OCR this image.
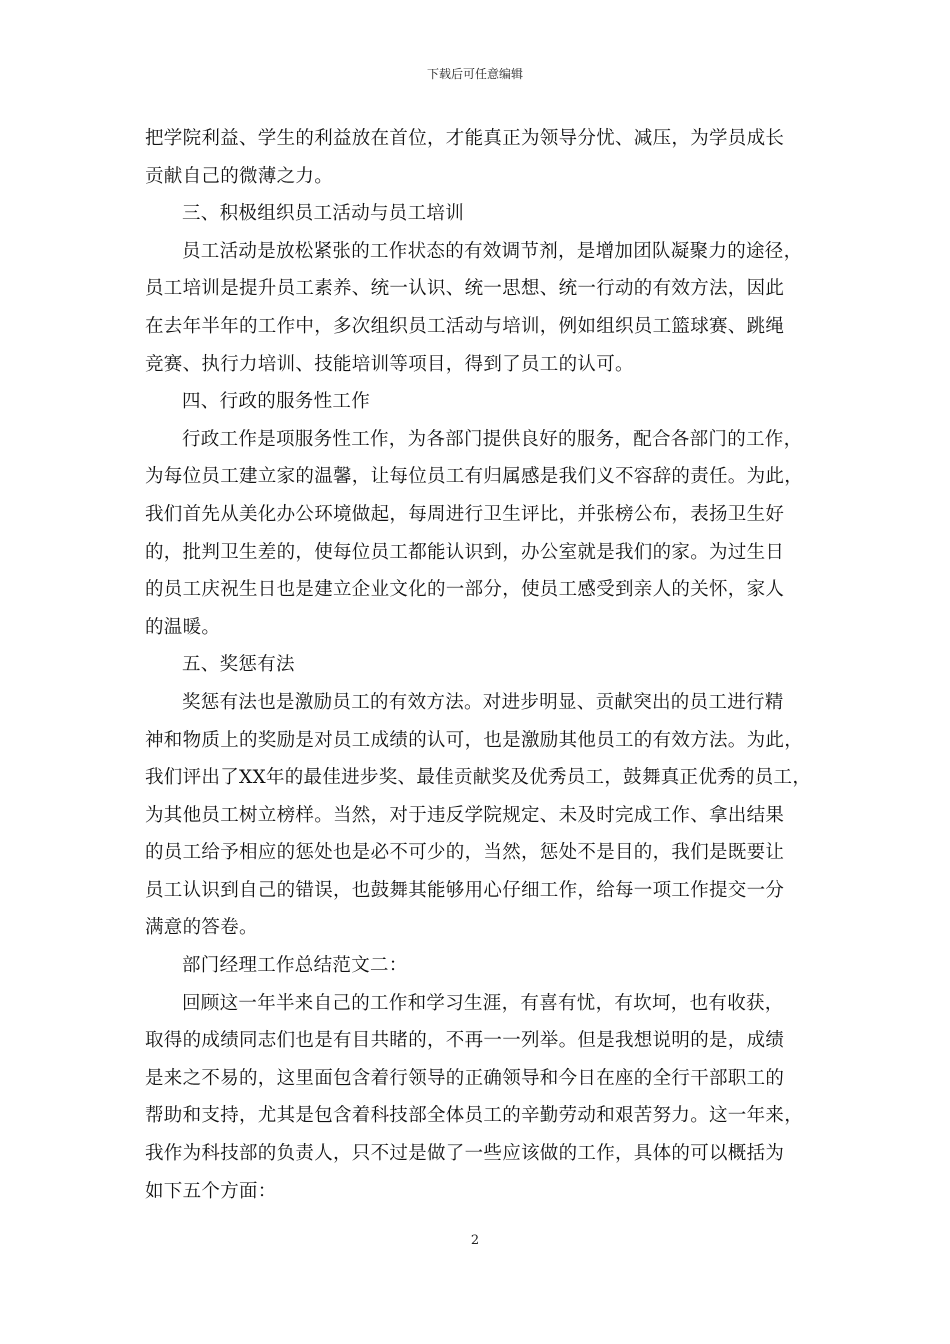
下载后可任意编辑

把学院利益、学生的利益放在首位，才能真正为领导分忧、减压，为学员成长
贡献自己的微薄之力。

三、积极组织员工活动与员工培训

员工活动是放松紧张的工作状态的有效调节剂，是增加团队凝聚力的途径，
员工培训是提升员工素养、统一认识、统一思想、统一行动的有效方法，因此
在去年半年的工作中，多次组织员工活动与培训，例如组织员工篮球赛、跳绳
竞赛、执行力培训、技能培训等项目，得到了员工的认可。

四、行政的服务性工作

行政工作是项服务性工作，为各部门提供良好的服务，配合各部门的工作，
为每位员工建立家的温馨，让每位员工有归属感是我们义不容辞的责任。为此，
我们首先从美化办公环境做起，每周进行卫生评比，并张榜公布，表扬卫生好
的，批判卫生差的，使每位员工都能认识到，办公室就是我们的家。为过生日
的员工庆祝生日也是建立企业文化的一部分，使员工感受到亲人的关怀，家人
的温暖。

五、奖惩有法

奖惩有法也是激励员工的有效方法。对进步明显、贡献突出的员工进行精
神和物质上的奖励是对员工成绩的认可，也是激励其他员工的有效方法。为此，
我们评出了XX年的最佳进步奖、最佳贡献奖及优秀员工，鼓舞真正优秀的员工，
为其他员工树立榜样。当然，对于违反学院规定、未及时完成工作、拿出结果
的员工给予相应的惩处也是必不可少的，当然，惩处不是目的，我们是既要让
员工认识到自己的错误，也鼓舞其能够用心仔细工作，给每一项工作提交一分
满意的答卷。

部门经理工作总结范文二：

回顾这一年半来自己的工作和学习生涯，有喜有忧，有坎坷，也有收获，
取得的成绩同志们也是有目共睹的，不再一一列举。但是我想说明的是，成绩
是来之不易的，这里面包含着行领导的正确领导和今日在座的全行干部职工的
帮助和支持，尤其是包含着科技部全体员工的辛勤劳动和艰苦努力。这一年来，
我作为科技部的负责人，只不过是做了一些应该做的工作，具体的可以概括为
如下五个方面：

2
